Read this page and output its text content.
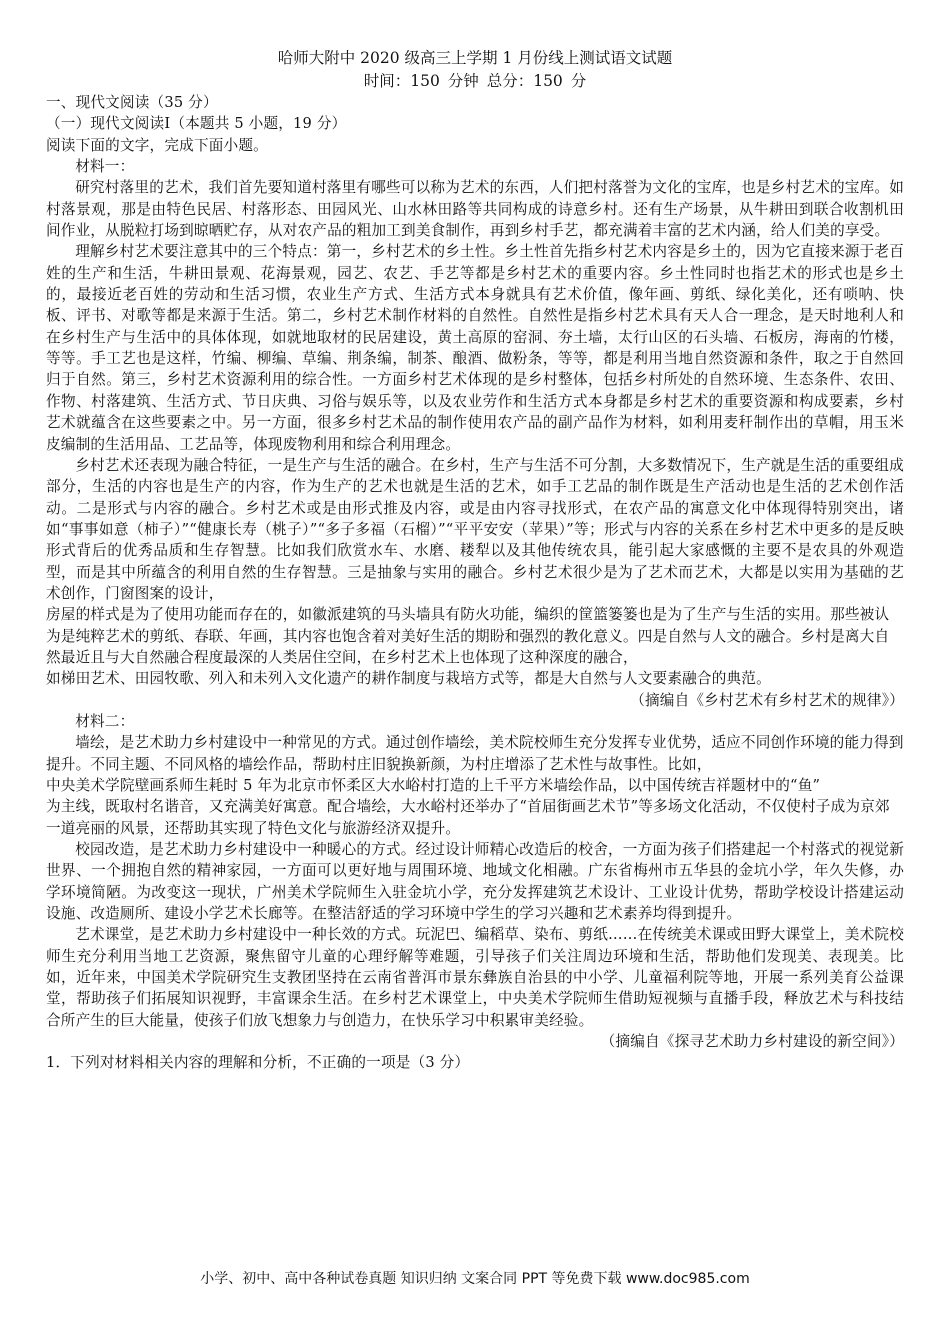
哈师大附中 2020 级高三上学期 1 月份线上测试语文试题
时间：150 分钟 总分：150 分

一、现代文阅读（35 分）

（一）现代文阅读Ⅰ（本题共 5 小题，19 分）

阅读下面的文字，完成下面小题。

材料一：

研究村落里的艺术，我们首先要知道村落里有哪些可以称为艺术的东西，人们把村落誉为文化的宝库，也是乡村艺术的宝库。如村落景观，那是由特色民居、村落形态、田园风光、山水林田路等共同构成的诗意乡村。还有生产场景，从牛耕田到联合收割机田间作业，从脱粒打场到晾晒贮存，从对农产品的粗加工到美食制作，再到乡村手艺，都充满着丰富的艺术内涵，给人们美的享受。

理解乡村艺术要注意其中的三个特点：第一，乡村艺术的乡土性。乡土性首先指乡村艺术内容是乡土的，因为它直接来源于老百姓的生产和生活，牛耕田景观、花海景观，园艺、农艺、手艺等都是乡村艺术的重要内容。乡土性同时也指艺术的形式也是乡土的，最接近老百姓的劳动和生活习惯，农业生产方式、生活方式本身就具有艺术价值，像年画、剪纸、绿化美化，还有唢呐、快板、评书、对歌等都是来源于生活。第二，乡村艺术制作材料的自然性。自然性是指乡村艺术具有天人合一理念，是天时地利人和在乡村生产与生活中的具体体现，如就地取材的民居建设，黄土高原的窑洞、夯土墙，太行山区的石头墙、石板房，海南的竹楼，等等。手工艺也是这样，竹编、柳编、草编、荆条编，制茶、酿酒、做粉条，等等，都是利用当地自然资源和条件，取之于自然回归于自然。第三，乡村艺术资源利用的综合性。一方面乡村艺术体现的是乡村整体，包括乡村所处的自然环境、生态条件、农田、作物、村落建筑、生活方式、节日庆典、习俗与娱乐等，以及农业劳作和生活方式本身都是乡村艺术的重要资源和构成要素，乡村艺术就蕴含在这些要素之中。另一方面，很多乡村艺术品的制作使用农产品的副产品作为材料，如利用麦秆制作出的草帽，用玉米皮编制的生活用品、工艺品等，体现废物利用和综合利用理念。

乡村艺术还表现为融合特征，一是生产与生活的融合。在乡村，生产与生活不可分割，大多数情况下，生产就是生活的重要组成部分，生活的内容也是生产的内容，作为生产的艺术也就是生活的艺术，如手工艺品的制作既是生产活动也是生活的艺术创作活动。二是形式与内容的融合。乡村艺术或是由形式推及内容，或是由内容寻找形式，在农产品的寓意文化中体现得特别突出，诸如“事事如意（柿子）”“健康长寿（桃子）”“多子多福（石榴）”“平平安安（苹果）”等；形式与内容的关系在乡村艺术中更多的是反映形式背后的优秀品质和生存智慧。比如我们欣赏水车、水磨、耧犁以及其他传统农具，能引起大家感慨的主要不是农具的外观造型，而是其中所蕴含的利用自然的生存智慧。三是抽象与实用的融合。乡村艺术很少是为了艺术而艺术，大都是以实用为基础的艺术创作，门窗图案的设计，

房屋的样式是为了使用功能而存在的，如徽派建筑的马头墙具有防火功能，编织的筐篮篓篓也是为了生产与生活的实用。那些被认为是纯粹艺术的剪纸、春联、年画，其内容也饱含着对美好生活的期盼和强烈的教化意义。四是自然与人文的融合。乡村是离大自然最近且与大自然融合程度最深的人类居住空间，在乡村艺术上也体现了这种深度的融合，

如梯田艺术、田园牧歌、列入和未列入文化遗产的耕作制度与栽培方式等，都是大自然与人文要素融合的典范。

（摘编自《乡村艺术有乡村艺术的规律》）

材料二：

墙绘，是艺术助力乡村建设中一种常见的方式。通过创作墙绘，美术院校师生充分发挥专业优势，适应不同创作环境的能力得到提升。不同主题、不同风格的墙绘作品，帮助村庄旧貌换新颜，为村庄增添了艺术性与故事性。比如，

中央美术学院壁画系师生耗时 5 年为北京市怀柔区大水峪村打造的上千平方米墙绘作品，以中国传统吉祥题材中的“鱼”

为主线，既取村名谐音，又充满美好寓意。配合墙绘，大水峪村还举办了“首届街画艺术节”等多场文化活动，不仅使村子成为京郊一道亮丽的风景，还帮助其实现了特色文化与旅游经济双提升。

校园改造，是艺术助力乡村建设中一种暖心的方式。经过设计师精心改造后的校舍，一方面为孩子们搭建起一个村落式的视觉新世界、一个拥抱自然的精神家园，一方面可以更好地与周围环境、地域文化相融。广东省梅州市五华县的金坑小学，年久失修，办学环境简陋。为改变这一现状，广州美术学院师生入驻金坑小学，充分发挥建筑艺术设计、工业设计优势，帮助学校设计搭建运动设施、改造厕所、建设小学艺术长廊等。在整洁舒适的学习环境中学生的学习兴趣和艺术素养均得到提升。

艺术课堂，是艺术助力乡村建设中一种长效的方式。玩泥巴、编稻草、染布、剪纸……在传统美术课或田野大课堂上，美术院校师生充分利用当地工艺资源，聚焦留守儿童的心理纾解等难题，引导孩子们关注周边环境和生活，帮助他们发现美、表现美。比如，近年来，中国美术学院研究生支教团坚持在云南省普洱市景东彝族自治县的中小学、儿童福利院等地，开展一系列美育公益课堂，帮助孩子们拓展知识视野，丰富课余生活。在乡村艺术课堂上，中央美术学院师生借助短视频与直播手段，释放艺术与科技结合所产生的巨大能量，使孩子们放飞想象力与创造力，在快乐学习中积累审美经验。

（摘编自《探寻艺术助力乡村建设的新空间》）

1．下列对材料相关内容的理解和分析，不正确的一项是（3 分）

小学、初中、高中各种试卷真题 知识归纳 文案合同 PPT 等免费下载 www.doc985.com
